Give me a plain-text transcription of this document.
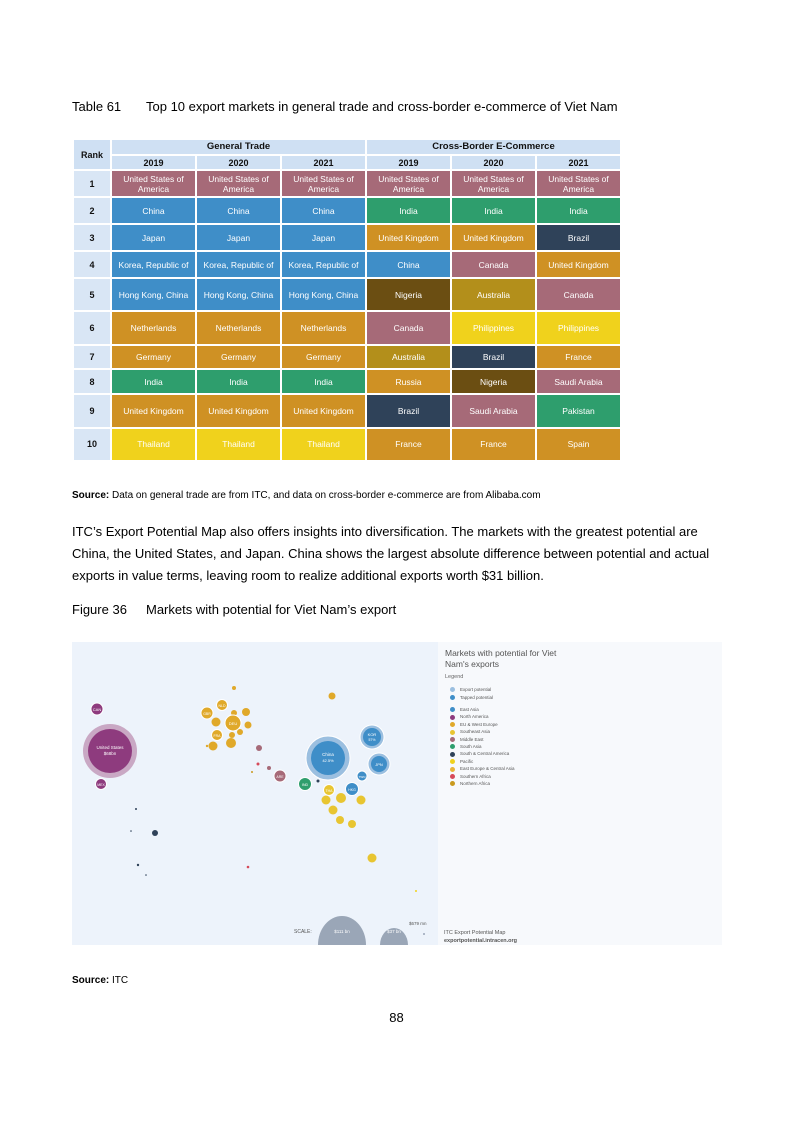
Table 61 Top 10 export markets in general trade and cross-border e-commerce of Viet Nam
Rank	General Trade			Cross-Border E-Commerce		
	2019	2020	2021	2019	2020	2021
1	United States of America	United States of America	United States of America	United States of America	United States of America	United States of America
2	China	China	China	India	India	India
3	Japan	Japan	Japan	United Kingdom	United Kingdom	Brazil
4	Korea, Republic of	Korea, Republic of	Korea, Republic of	China	Canada	United Kingdom
5	Hong Kong, China	Hong Kong, China	Hong Kong, China	Nigeria	Australia	Canada
6	Netherlands	Netherlands	Netherlands	Canada	Philippines	Philippines
7	Germany	Germany	Germany	Australia	Brazil	France
8	India	India	India	Russia	Nigeria	Saudi Arabia
9	United Kingdom	United Kingdom	United Kingdom	Brazil	Saudi Arabia	Pakistan
10	Thailand	Thailand	Thailand	France	France	Spain
Source: Data on general trade are from ITC, and data on cross-border e-commerce are from Alibaba.com
ITC’s Export Potential Map also offers insights into diversification. The markets with the greatest potential are China, the United States, and Japan. China shows the largest absolute difference between potential and actual exports in value terms, leaving room to realize additional exports worth $31 billion.
Figure 36 Markets with potential for Viet Nam’s export
CAN
United States
$68bn
MEX
NLD
GBR
DEU
FRA
ARE
IND
China
42.5%
KOR
57%
JPN
TWN
HKG
THA
SCALE:	$111 bn	$37 bn
$679 mn
Markets with potential for Viet Nam's exports
Legend
Export potential
Tapped potential
East Asia
North America
EU & West Europe
Southeast Asia
Middle East
South Asia
South & Central America
Pacific
East Europe & Central Asia
Southern Africa
Northern Africa
ITC Export Potential Map
exportpotential.intracen.org
Source: ITC
88
